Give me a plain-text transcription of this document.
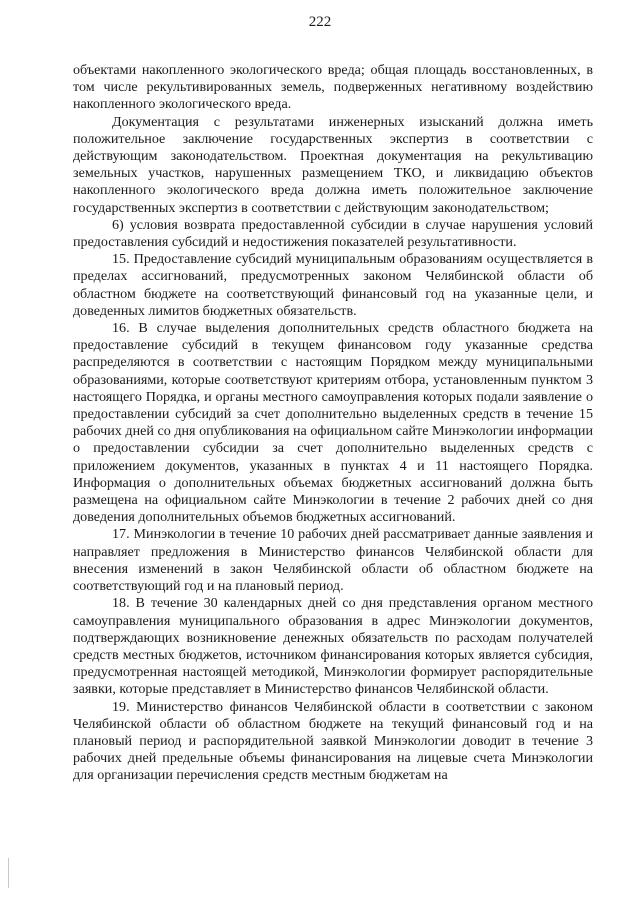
222

объектами накопленного экологического вреда; общая площадь восстановленных, в том числе рекультивированных земель, подверженных негативному воздействию накопленного экологического вреда.

Документация с результатами инженерных изысканий должна иметь положительное заключение государственных экспертиз в соответствии с действующим законодательством. Проектная документация на рекультивацию земельных участков, нарушенных размещением ТКО, и ликвидацию объектов накопленного экологического вреда должна иметь положительное заключение государственных экспертиз в соответствии с действующим законодательством;

6) условия возврата предоставленной субсидии в случае нарушения условий предоставления субсидий и недостижения показателей результативности.

15. Предоставление субсидий муниципальным образованиям осуществляется в пределах ассигнований, предусмотренных законом Челябинской области об областном бюджете на соответствующий финансовый год на указанные цели, и доведенных лимитов бюджетных обязательств.

16. В случае выделения дополнительных средств областного бюджета на предоставление субсидий в текущем финансовом году указанные средства распределяются в соответствии с настоящим Порядком между муниципальными образованиями, которые соответствуют критериям отбора, установленным пунктом 3 настоящего Порядка, и органы местного самоуправления которых подали заявление о предоставлении субсидий за счет дополнительно выделенных средств в течение 15 рабочих дней со дня опубликования на официальном сайте Минэкологии информации о предоставлении субсидии за счет дополнительно выделенных средств с приложением документов, указанных в пунктах 4 и 11 настоящего Порядка. Информация о дополнительных объемах бюджетных ассигнований должна быть размещена на официальном сайте Минэкологии в течение 2 рабочих дней со дня доведения дополнительных объемов бюджетных ассигнований.

17. Минэкологии в течение 10 рабочих дней рассматривает данные заявления и направляет предложения в Министерство финансов Челябинской области для внесения изменений в закон Челябинской области об областном бюджете на соответствующий год и на плановый период.

18. В течение 30 календарных дней со дня представления органом местного самоуправления муниципального образования в адрес Минэкологии документов, подтверждающих возникновение денежных обязательств по расходам получателей средств местных бюджетов, источником финансирования которых является субсидия, предусмотренная настоящей методикой, Минэкологии формирует распорядительные заявки, которые представляет в Министерство финансов Челябинской области.

19. Министерство финансов Челябинской области в соответствии с законом Челябинской области об областном бюджете на текущий финансовый год и на плановый период и распорядительной заявкой Минэкологии доводит в течение 3 рабочих дней предельные объемы финансирования на лицевые счета Минэкологии для организации перечисления средств местным бюджетам на
